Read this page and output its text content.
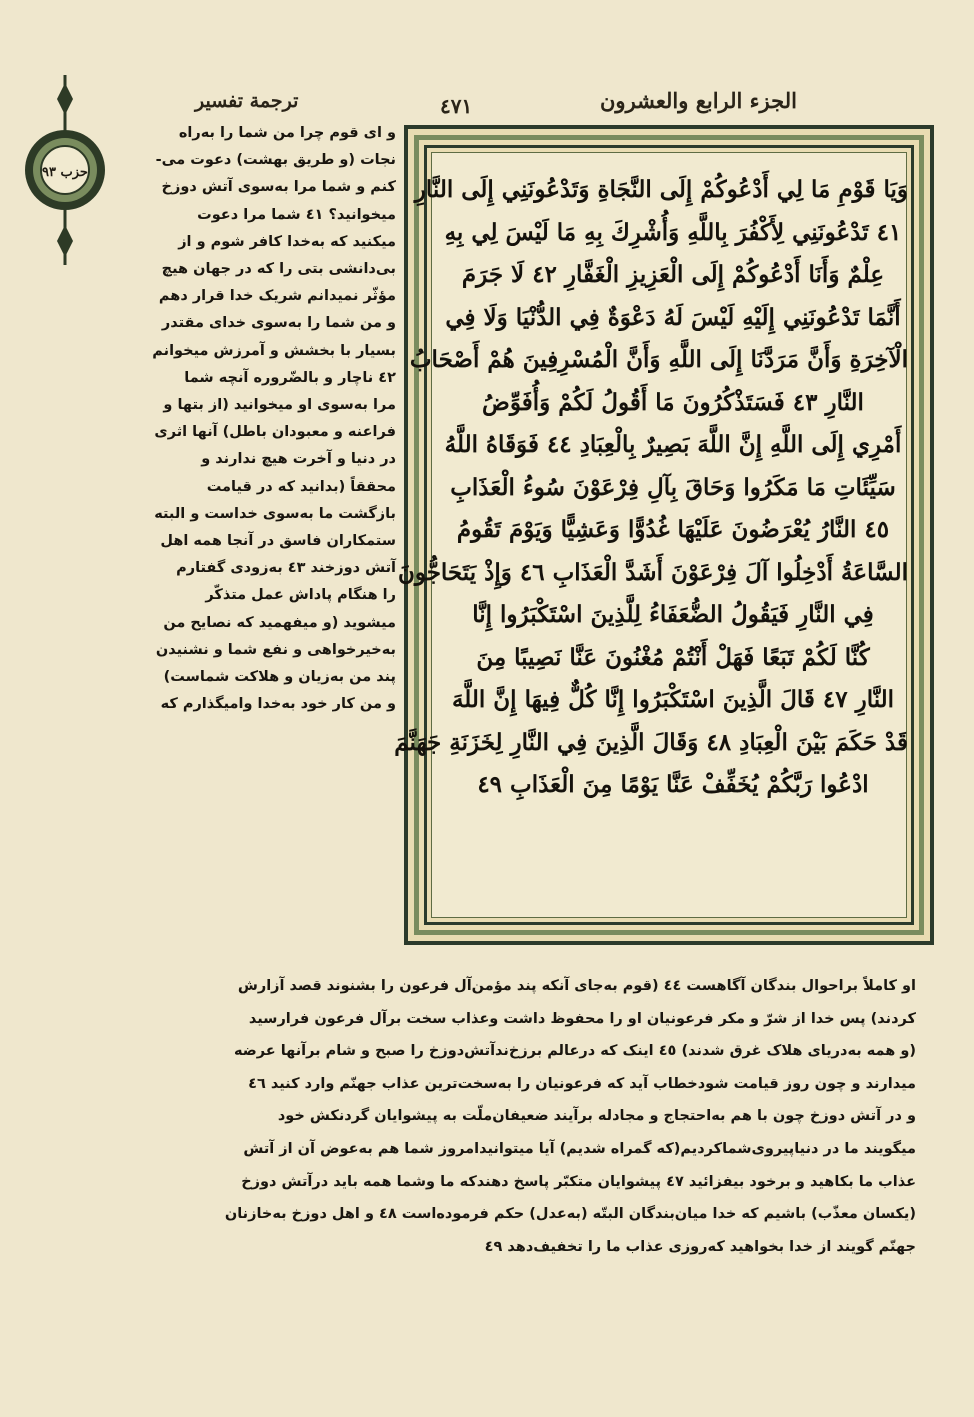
ترجمة تفسير	٤٧١	الجزء الرابع والعشرون
حزب ٩٣
و ای قوم چرا من شما را به‌راه
نجات (و طریق بهشت) دعوت می‌-
کنم و شما مرا به‌سوی آتش دوزخ
میخوانید؟ ٤١ شما مرا دعوت
میکنید که به‌خدا کافر شوم و از
بی‌دانشی بتی را که در جهان هیچ
مؤثّر نمیدانم شریک خدا قرار دهم
و من شما را به‌سوی خدای مقتدر
بسیار با بخشش و آمرزش میخوانم
٤٢ ناچار و بالضّروره آنچه شما
مرا به‌سوی او میخوانید (از بتها و
فراعنه و معبودان باطل) آنها اثری
در دنیا و آخرت هیچ ندارند و
محققاً (بدانید که در قیامت
بازگشت ما به‌سوی خداست و البته
ستمکاران فاسق در آنجا همه اهل
آتش دوزخند ٤٣ به‌زودی گفتارم
را هنگام پاداش عمل متذکّر
میشوید (و میفهمید که نصایح من
به‌خیرخواهی و نفع شما و نشنیدن
پند من به‌زیان و هلاکت شماست)
و من کار خود به‌خدا وامیگذارم که
وَيَا قَوْمِ مَا لِي أَدْعُوكُمْ إِلَى النَّجَاةِ وَتَدْعُونَنِي إِلَى النَّارِ
٤١ تَدْعُونَنِي لِأَكْفُرَ بِاللَّهِ وَأُشْرِكَ بِهِ مَا لَيْسَ لِي بِهِ
عِلْمٌ وَأَنَا أَدْعُوكُمْ إِلَى الْعَزِيزِ الْغَفَّارِ ٤٢ لَا جَرَمَ
أَنَّمَا تَدْعُونَنِي إِلَيْهِ لَيْسَ لَهُ دَعْوَةٌ فِي الدُّنْيَا وَلَا فِي
الْآخِرَةِ وَأَنَّ مَرَدَّنَا إِلَى اللَّهِ وَأَنَّ الْمُسْرِفِينَ هُمْ أَصْحَابُ
النَّارِ ٤٣ فَسَتَذْكُرُونَ مَا أَقُولُ لَكُمْ وَأُفَوِّضُ
أَمْرِي إِلَى اللَّهِ إِنَّ اللَّهَ بَصِيرٌ بِالْعِبَادِ ٤٤ فَوَقَاهُ اللَّهُ
سَيِّئَاتِ مَا مَكَرُوا وَحَاقَ بِآلِ فِرْعَوْنَ سُوءُ الْعَذَابِ
٤٥ النَّارُ يُعْرَضُونَ عَلَيْهَا غُدُوًّا وَعَشِيًّا وَيَوْمَ تَقُومُ
السَّاعَةُ أَدْخِلُوا آلَ فِرْعَوْنَ أَشَدَّ الْعَذَابِ ٤٦ وَإِذْ يَتَحَاجُّونَ
فِي النَّارِ فَيَقُولُ الضُّعَفَاءُ لِلَّذِينَ اسْتَكْبَرُوا إِنَّا
كُنَّا لَكُمْ تَبَعًا فَهَلْ أَنْتُمْ مُغْنُونَ عَنَّا نَصِيبًا مِنَ
النَّارِ ٤٧ قَالَ الَّذِينَ اسْتَكْبَرُوا إِنَّا كُلٌّ فِيهَا إِنَّ اللَّهَ
قَدْ حَكَمَ بَيْنَ الْعِبَادِ ٤٨ وَقَالَ الَّذِينَ فِي النَّارِ لِخَزَنَةِ جَهَنَّمَ
ادْعُوا رَبَّكُمْ يُخَفِّفْ عَنَّا يَوْمًا مِنَ الْعَذَابِ ٤٩
او کاملاً براحوال بندگان آگاهست ٤٤ (قوم به‌جای آنکه پند مؤمن‌آل فرعون را بشنوند قصد آزارش
کردند) پس خدا از شرّ و مکر فرعونیان او را محفوظ داشت وعذاب سخت برآل فرعون فرارسید
(و همه به‌دریای هلاک غرق شدند) ٤٥ اینک که درعالم برزخ‌ندآتش‌دوزخ را صبح و شام برآنها عرضه
میدارند و چون روز قیامت شودخطاب آید که فرعونیان را به‌سخت‌ترین عذاب جهنّم وارد کنید ٤٦
و در آتش دوزخ چون با هم به‌احتجاج و مجادله برآیند ضعیفان‌ملّت به پیشوایان گردنکش خود
میگویند ما در دنیاپیروی‌شماکردیم(که گمراه شدیم) آیا میتوانیدامروز شما هم به‌عوض آن از آتش
عذاب ما بکاهید و برخود بیفزائید ٤٧ پیشوایان متکبّر پاسخ دهندکه ما وشما همه باید درآتش دوزخ
(یکسان معذّب) باشیم که خدا میان‌بندگان البتّه (به‌عدل) حکم فرموده‌است ٤٨ و اهل دوزخ به‌خازنان
جهنّم گویند از خدا بخواهید که‌روزی عذاب ما را تخفیف‌دهد ٤٩
